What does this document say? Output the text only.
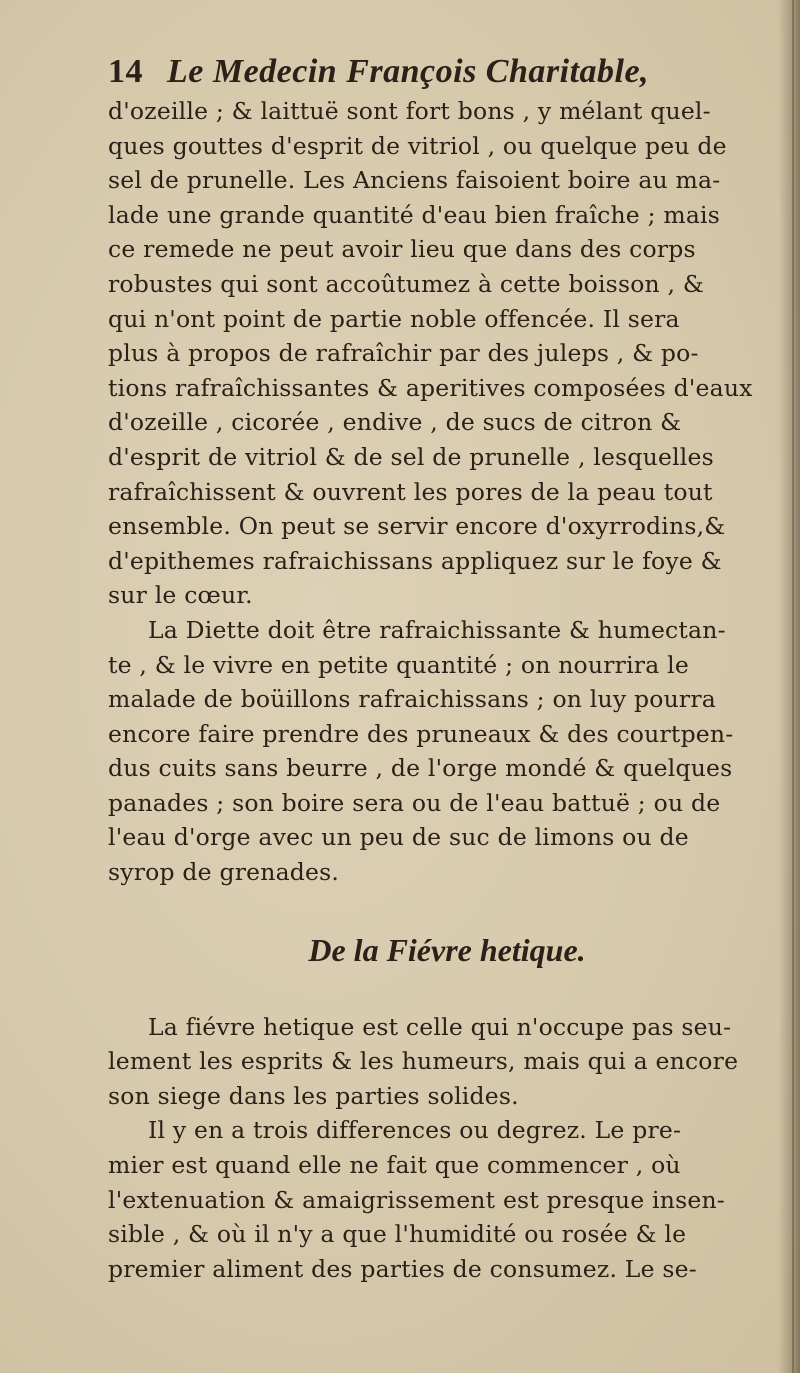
14 Le Medecin François Charitable,
d'ozeille ; & laittuë sont fort bons , y mélant quel-
ques gouttes d'esprit de vitriol , ou quelque peu de
sel de prunelle. Les Anciens faisoient boire au ma-
lade une grande quantité d'eau bien fraîche ; mais
ce remede ne peut avoir lieu que dans des corps
robustes qui sont accoûtumez à cette boisson , &
qui n'ont point de partie noble offencée. Il sera
plus à propos de rafraîchir par des juleps , & po-
tions rafraîchissantes & aperitives composées d'eaux
d'ozeille , cicorée , endive , de sucs de citron &
d'esprit de vitriol & de sel de prunelle , lesquelles
rafraîchissent & ouvrent les pores de la peau tout
ensemble. On peut se servir encore d'oxyrrodins,&
d'epithemes rafraichissans appliquez sur le foye &
sur le cœur.
La Diette doit être rafraichissante & humectan-
te , & le vivre en petite quantité ; on nourrira le
malade de boüillons rafraichissans ; on luy pourra
encore faire prendre des pruneaux & des courtpen-
dus cuits sans beurre , de l'orge mondé & quelques
panades ; son boire sera ou de l'eau battuë ; ou de
l'eau d'orge avec un peu de suc de limons ou de
syrop de grenades.
De la Fiévre hetique.
La fiévre hetique est celle qui n'occupe pas seu-
lement les esprits & les humeurs, mais qui a encore
son siege dans les parties solides.
Il y en a trois differences ou degrez. Le pre-
mier est quand elle ne fait que commencer , où
l'extenuation & amaigrissement est presque insen-
sible , & où il n'y a que l'humidité ou rosée & le
premier aliment des parties de consumez. Le se-
